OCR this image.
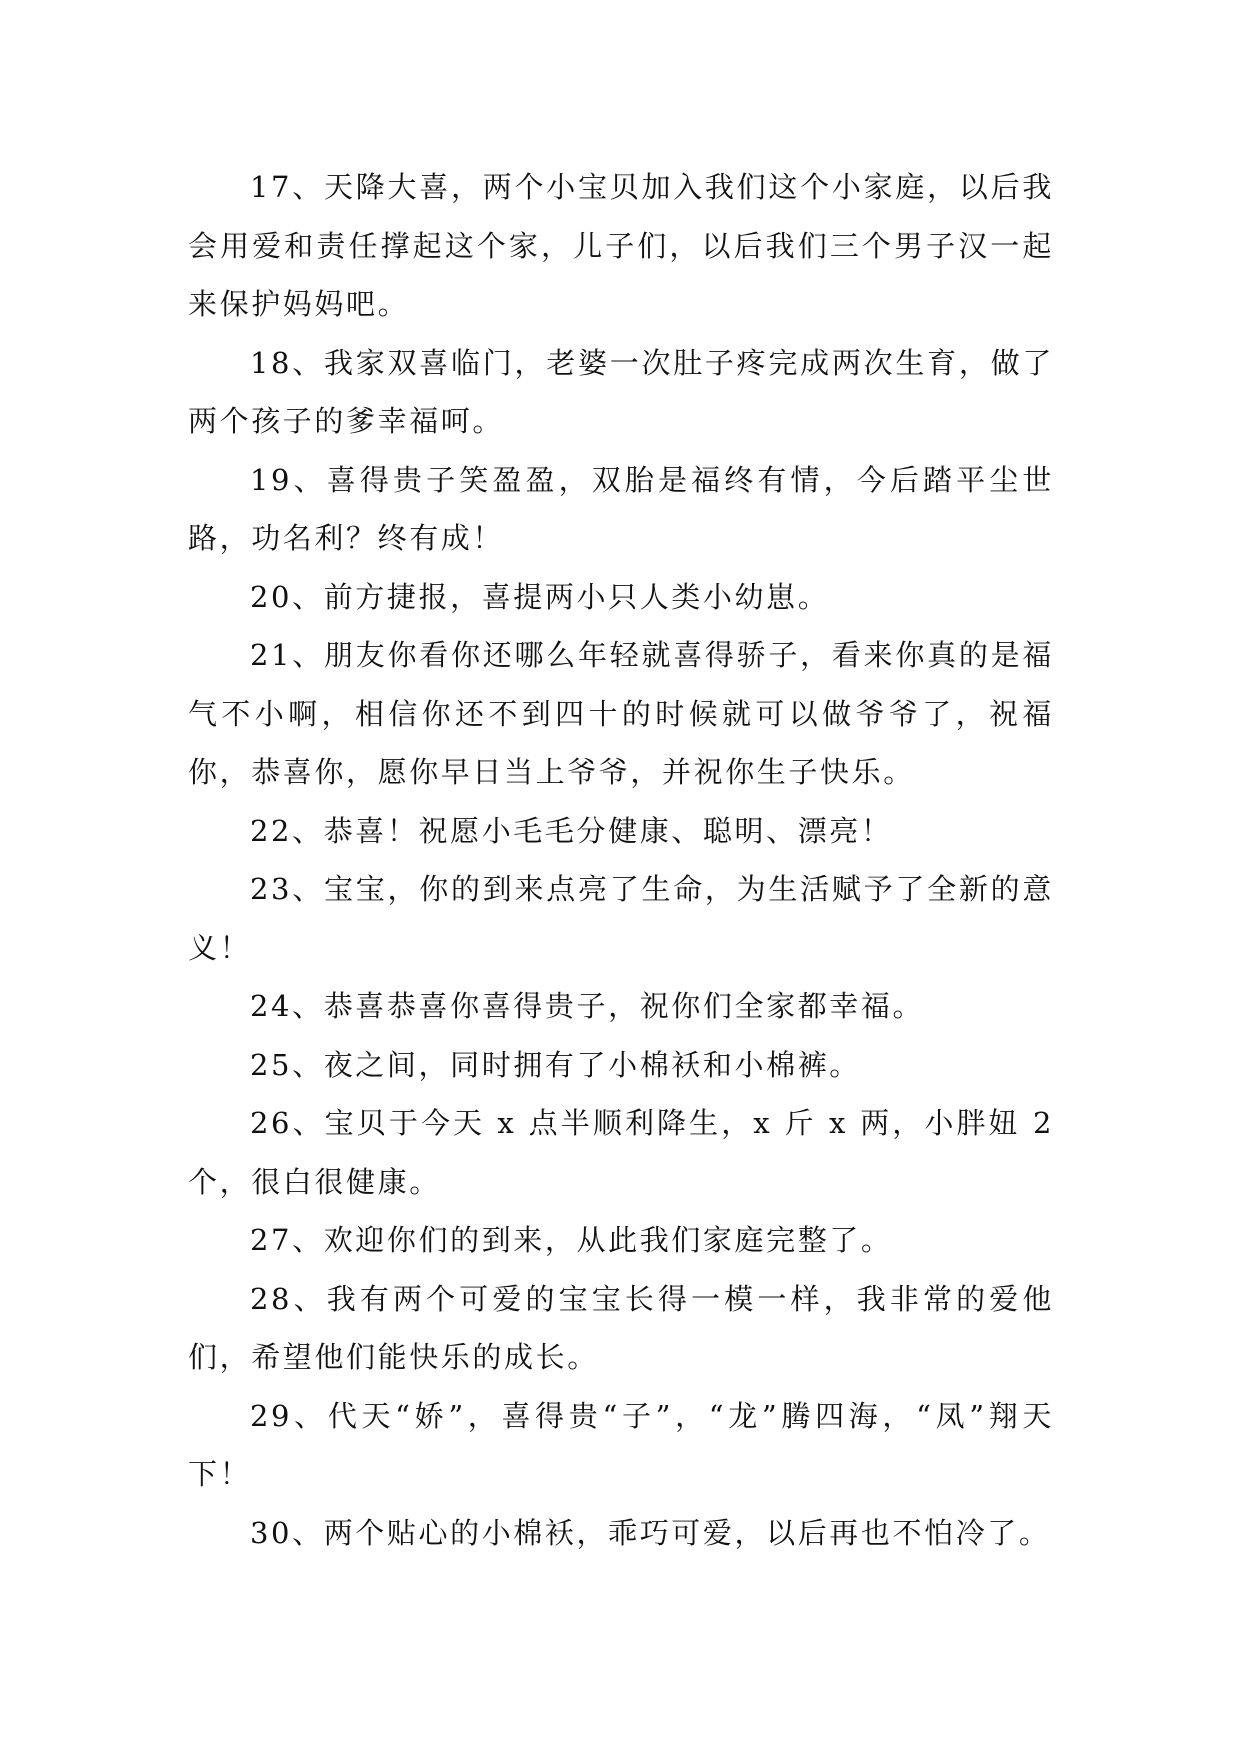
17、天降大喜，两个小宝贝加入我们这个小家庭，以后我会用爱和责任撑起这个家，儿子们，以后我们三个男子汉一起来保护妈妈吧。

18、我家双喜临门，老婆一次肚子疼完成两次生育，做了两个孩子的爹幸福呵。

19、喜得贵子笑盈盈，双胎是福终有情，今后踏平尘世路，功名利？终有成！

20、前方捷报，喜提两小只人类小幼崽。

21、朋友你看你还哪么年轻就喜得骄子，看来你真的是福气不小啊，相信你还不到四十的时候就可以做爷爷了，祝福你，恭喜你，愿你早日当上爷爷，并祝你生子快乐。

22、恭喜！祝愿小毛毛分健康、聪明、漂亮！

23、宝宝，你的到来点亮了生命，为生活赋予了全新的意义！

24、恭喜恭喜你喜得贵子，祝你们全家都幸福。

25、夜之间，同时拥有了小棉袄和小棉裤。

26、宝贝于今天 x 点半顺利降生，x 斤 x 两，小胖妞 2 个，很白很健康。

27、欢迎你们的到来，从此我们家庭完整了。

28、我有两个可爱的宝宝长得一模一样，我非常的爱他们，希望他们能快乐的成长。

29、代天“娇”，喜得贵“子”，“龙”腾四海，“凤”翔天下！

30、两个贴心的小棉袄，乖巧可爱，以后再也不怕冷了。
